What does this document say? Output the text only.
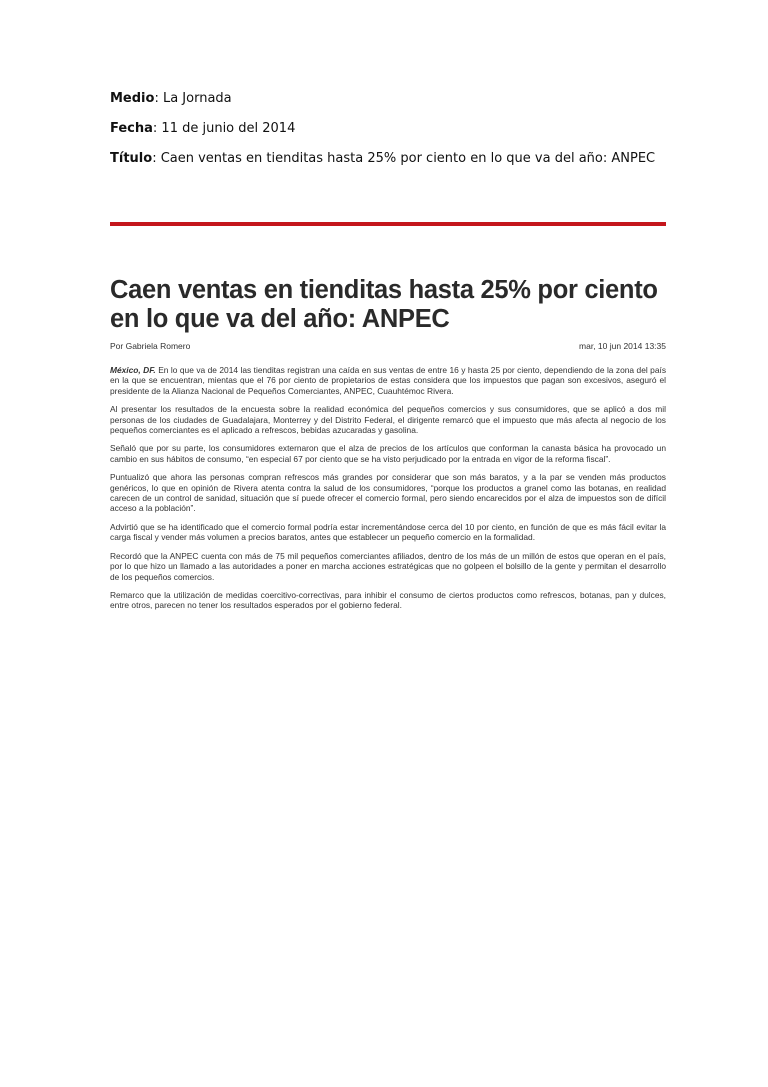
Medio: La Jornada
Fecha: 11 de junio del 2014
Título: Caen ventas en tienditas hasta 25% por ciento en lo que va del año: ANPEC
Caen ventas en tienditas hasta 25% por ciento en lo que va del año: ANPEC
Por Gabriela Romero	mar, 10 jun 2014 13:35

México, DF. En lo que va de 2014 las tienditas registran una caída en sus ventas de entre 16 y hasta 25 por ciento, dependiendo de la zona del país en la que se encuentran, mientas que el 76 por ciento de propietarios de estas considera que los impuestos que pagan son excesivos, aseguró el presidente de la Alianza Nacional de Pequeños Comerciantes, ANPEC, Cuauhtémoc Rivera.

Al presentar los resultados de la encuesta sobre la realidad económica del pequeños comercios y sus consumidores, que se aplicó a dos mil personas de los ciudades de Guadalajara, Monterrey y del Distrito Federal, el dirigente remarcó que el impuesto que más afecta al negocio de los pequeños comerciantes es el aplicado a refrescos, bebidas azucaradas y gasolina.

Señaló que por su parte, los consumidores externaron que el alza de precios de los artículos que conforman la canasta básica ha provocado un cambio en sus hábitos de consumo, “en especial 67 por ciento que se ha visto perjudicado por la entrada en vigor de la reforma fiscal”.

Puntualizó que ahora las personas compran refrescos más grandes por considerar que son más baratos, y a la par se venden más productos genéricos, lo que en opinión de Rivera atenta contra la salud de los consumidores, “porque los productos a granel como las botanas, en realidad carecen de un control de sanidad, situación que sí puede ofrecer el comercio formal, pero siendo encarecidos por el alza de impuestos son de difícil acceso a la población”.

Advirtió que se ha identificado que el comercio formal podría estar incrementándose cerca del 10 por ciento, en función de que es más fácil evitar la carga fiscal y vender más volumen a precios baratos, antes que establecer un pequeño comercio en la formalidad.

Recordó que la ANPEC cuenta con más de 75 mil pequeños comerciantes afiliados, dentro de los más de un millón de estos que operan en el país, por lo que hizo un llamado a las autoridades a poner en marcha acciones estratégicas que no golpeen el bolsillo de la gente y permitan el desarrollo de los pequeños comercios.

Remarco que la utilización de medidas coercitivo-correctivas, para inhibir el consumo de ciertos productos como refrescos, botanas, pan y dulces, entre otros, parecen no tener los resultados esperados por el gobierno federal.
